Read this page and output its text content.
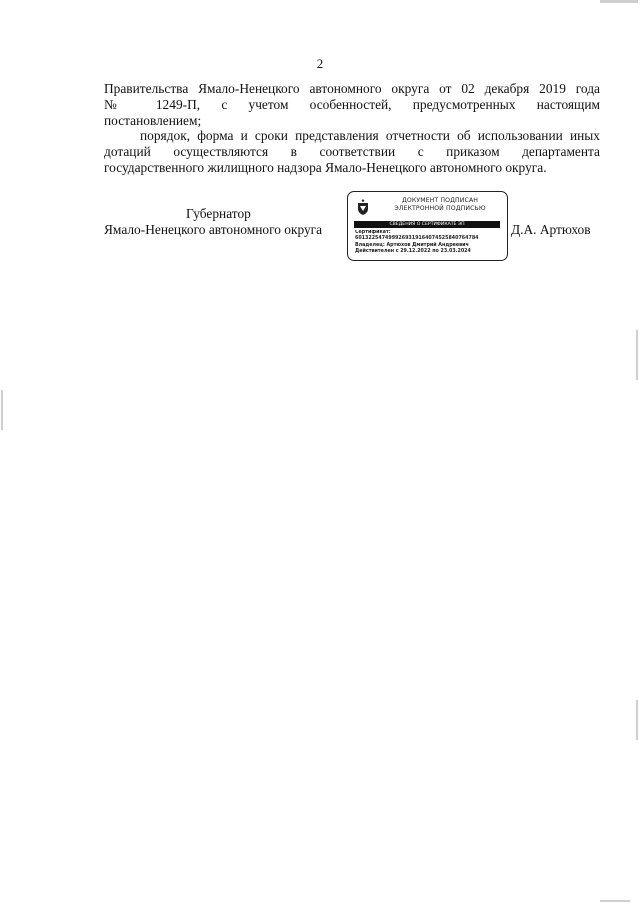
2

Правительства Ямало-Ненецкого автономного округа от 02 декабря 2019 года

№ 1249-П, с учетом особенностей, предусмотренных настоящим

постановлением;

порядок, форма и сроки представления отчетности об использовании иных

дотаций осуществляются в соответствии с приказом департамента

государственного жилищного надзора Ямало-Ненецкого автономного округа.

Губернатор
Ямало-Ненецкого автономного округа
ДОКУМЕНТ ПОДПИСАН
ЭЛЕКТРОННОЙ ПОДПИСЬЮ
СВЕДЕНИЯ О СЕРТИФИКАТЕ ЭП
Сертификат:
6013225474999269319164074525840764784
Владелец: Артюхов Дмитрий Андреевич
Действителен с 29.12.2022 по 23.03.2024
Д.А. Артюхов
